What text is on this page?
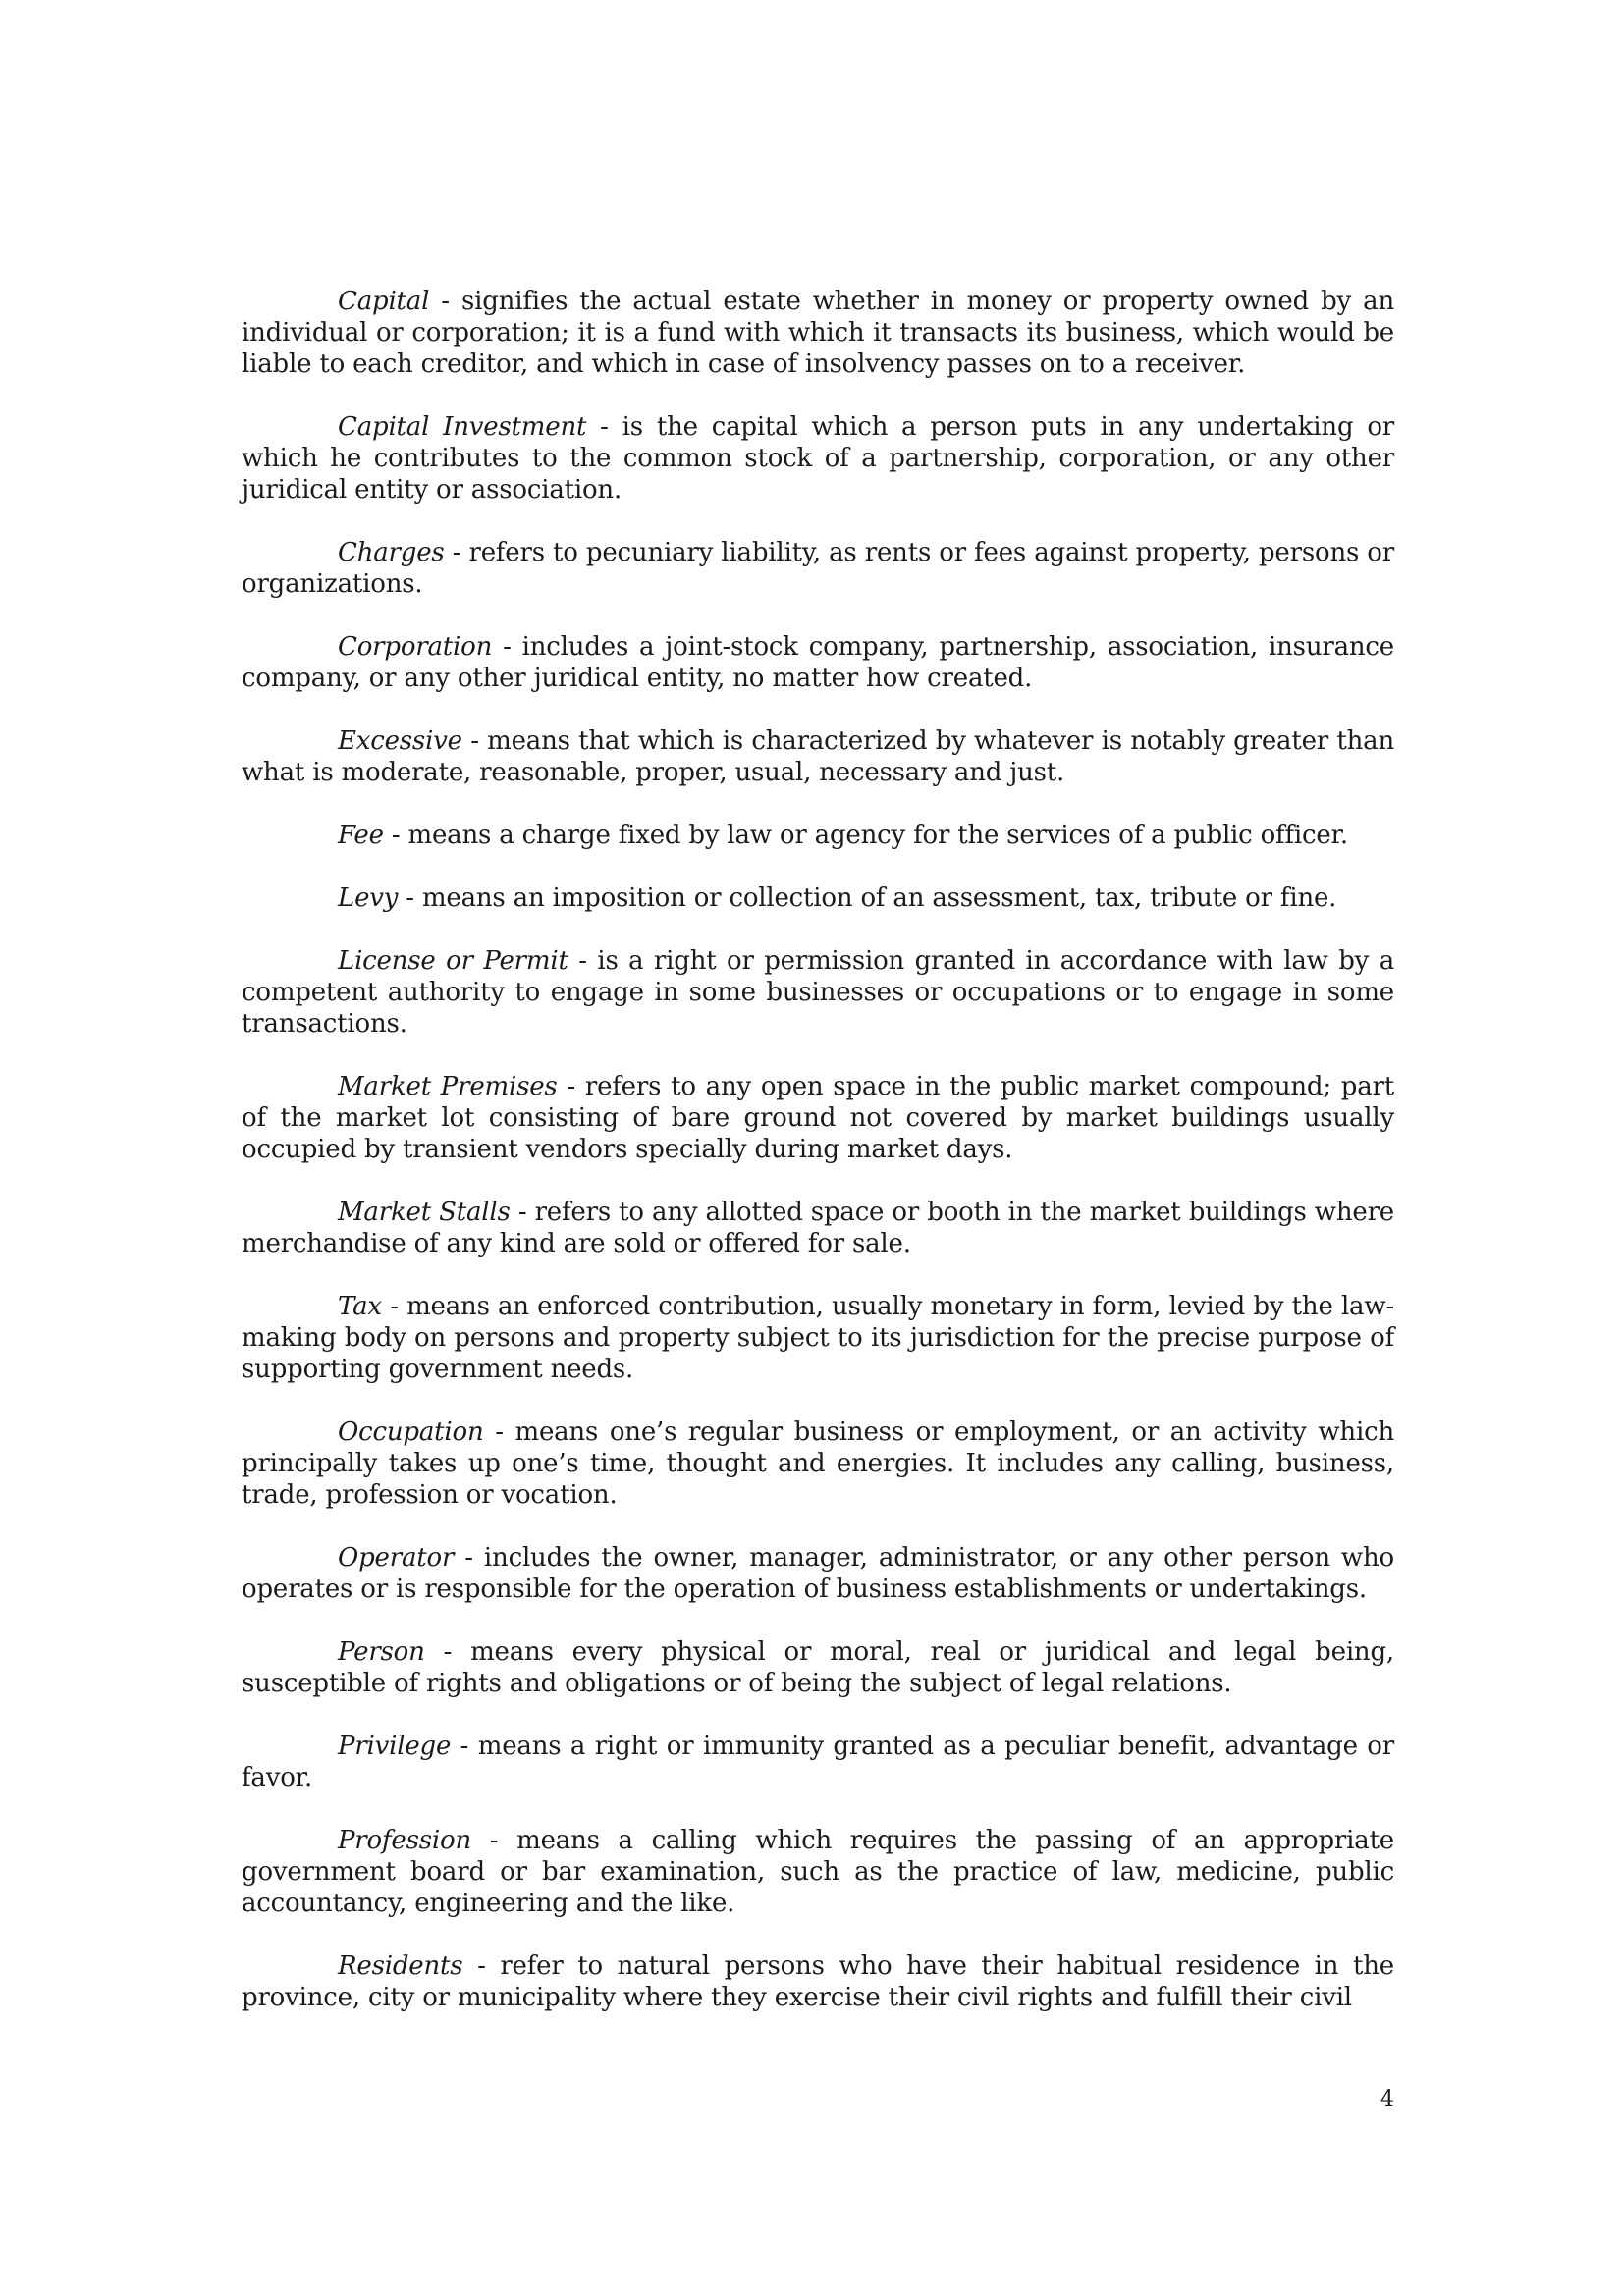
Capital - signifies the actual estate whether in money or property owned by an individual or corporation; it is a fund with which it transacts its business, which would be liable to each creditor, and which in case of insolvency passes on to a receiver.

Capital Investment - is the capital which a person puts in any undertaking or which he contributes to the common stock of a partnership, corporation, or any other juridical entity or association.

Charges - refers to pecuniary liability, as rents or fees against property, persons or organizations.

Corporation - includes a joint-stock company, partnership, association, insurance company, or any other juridical entity, no matter how created.

Excessive - means that which is characterized by whatever is notably greater than what is moderate, reasonable, proper, usual, necessary and just.

Fee - means a charge fixed by law or agency for the services of a public officer.

Levy - means an imposition or collection of an assessment, tax, tribute or fine.

License or Permit - is a right or permission granted in accordance with law by a competent authority to engage in some businesses or occupations or to engage in some transactions.

Market Premises - refers to any open space in the public market compound; part of the market lot consisting of bare ground not covered by market buildings usually occupied by transient vendors specially during market days.

Market Stalls - refers to any allotted space or booth in the market buildings where merchandise of any kind are sold or offered for sale.

Tax - means an enforced contribution, usually monetary in form, levied by the law-making body on persons and property subject to its jurisdiction for the precise purpose of supporting government needs.

Occupation - means one’s regular business or employment, or an activity which principally takes up one’s time, thought and energies. It includes any calling, business, trade, profession or vocation.

Operator - includes the owner, manager, administrator, or any other person who operates or is responsible for the operation of business establishments or undertakings.

Person - means every physical or moral, real or juridical and legal being, susceptible of rights and obligations or of being the subject of legal relations.

Privilege - means a right or immunity granted as a peculiar benefit, advantage or favor.

Profession - means a calling which requires the passing of an appropriate government board or bar examination, such as the practice of law, medicine, public accountancy, engineering and the like.

Residents - refer to natural persons who have their habitual residence in the province, city or municipality where they exercise their civil rights and fulfill their civil

4
